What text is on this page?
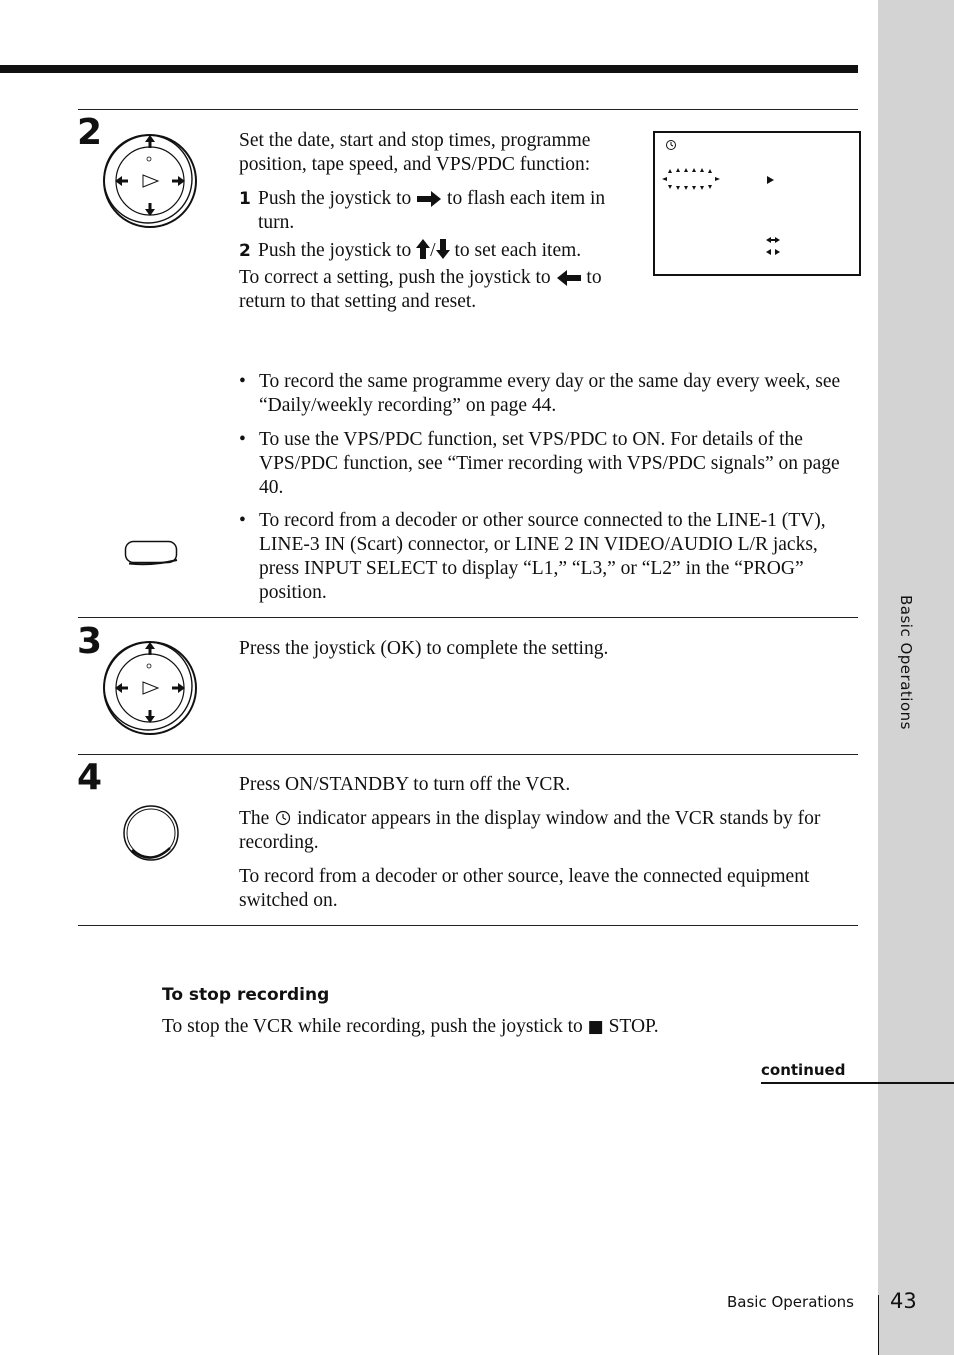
Basic Operations
2	Set the date, start and stop times, programme position, tape speed, and VPS/PDC function:

1 Push the joystick to to flash each item in turn.
2 Push the joystick to / to set each item.

To correct a setting, push the joystick to to return to that setting and reset.

• To record the same programme every day or the same day every week, see “Daily/weekly recording” on page 44.
• To use the VPS/PDC function, set VPS/PDC to ON. For details of the VPS/PDC function, see “Timer recording with VPS/PDC signals” on page 40.
• To record from a decoder or other source connected to the LINE-1 (TV), LINE-3 IN (Scart) connector, or LINE 2 IN VIDEO/AUDIO L/R jacks, press INPUT SELECT to display “L1,” “L3,” or “L2” in the “PROG” position.
3	Press the joystick (OK) to complete the setting.
4	Press ON/STANDBY to turn off the VCR.

The indicator appears in the display window and the VCR stands by for recording.

To record from a decoder or other source, leave the connected equipment switched on.

To stop recording
To stop the VCR while recording, push the joystick to ■ STOP.
continued
Basic Operations 43
